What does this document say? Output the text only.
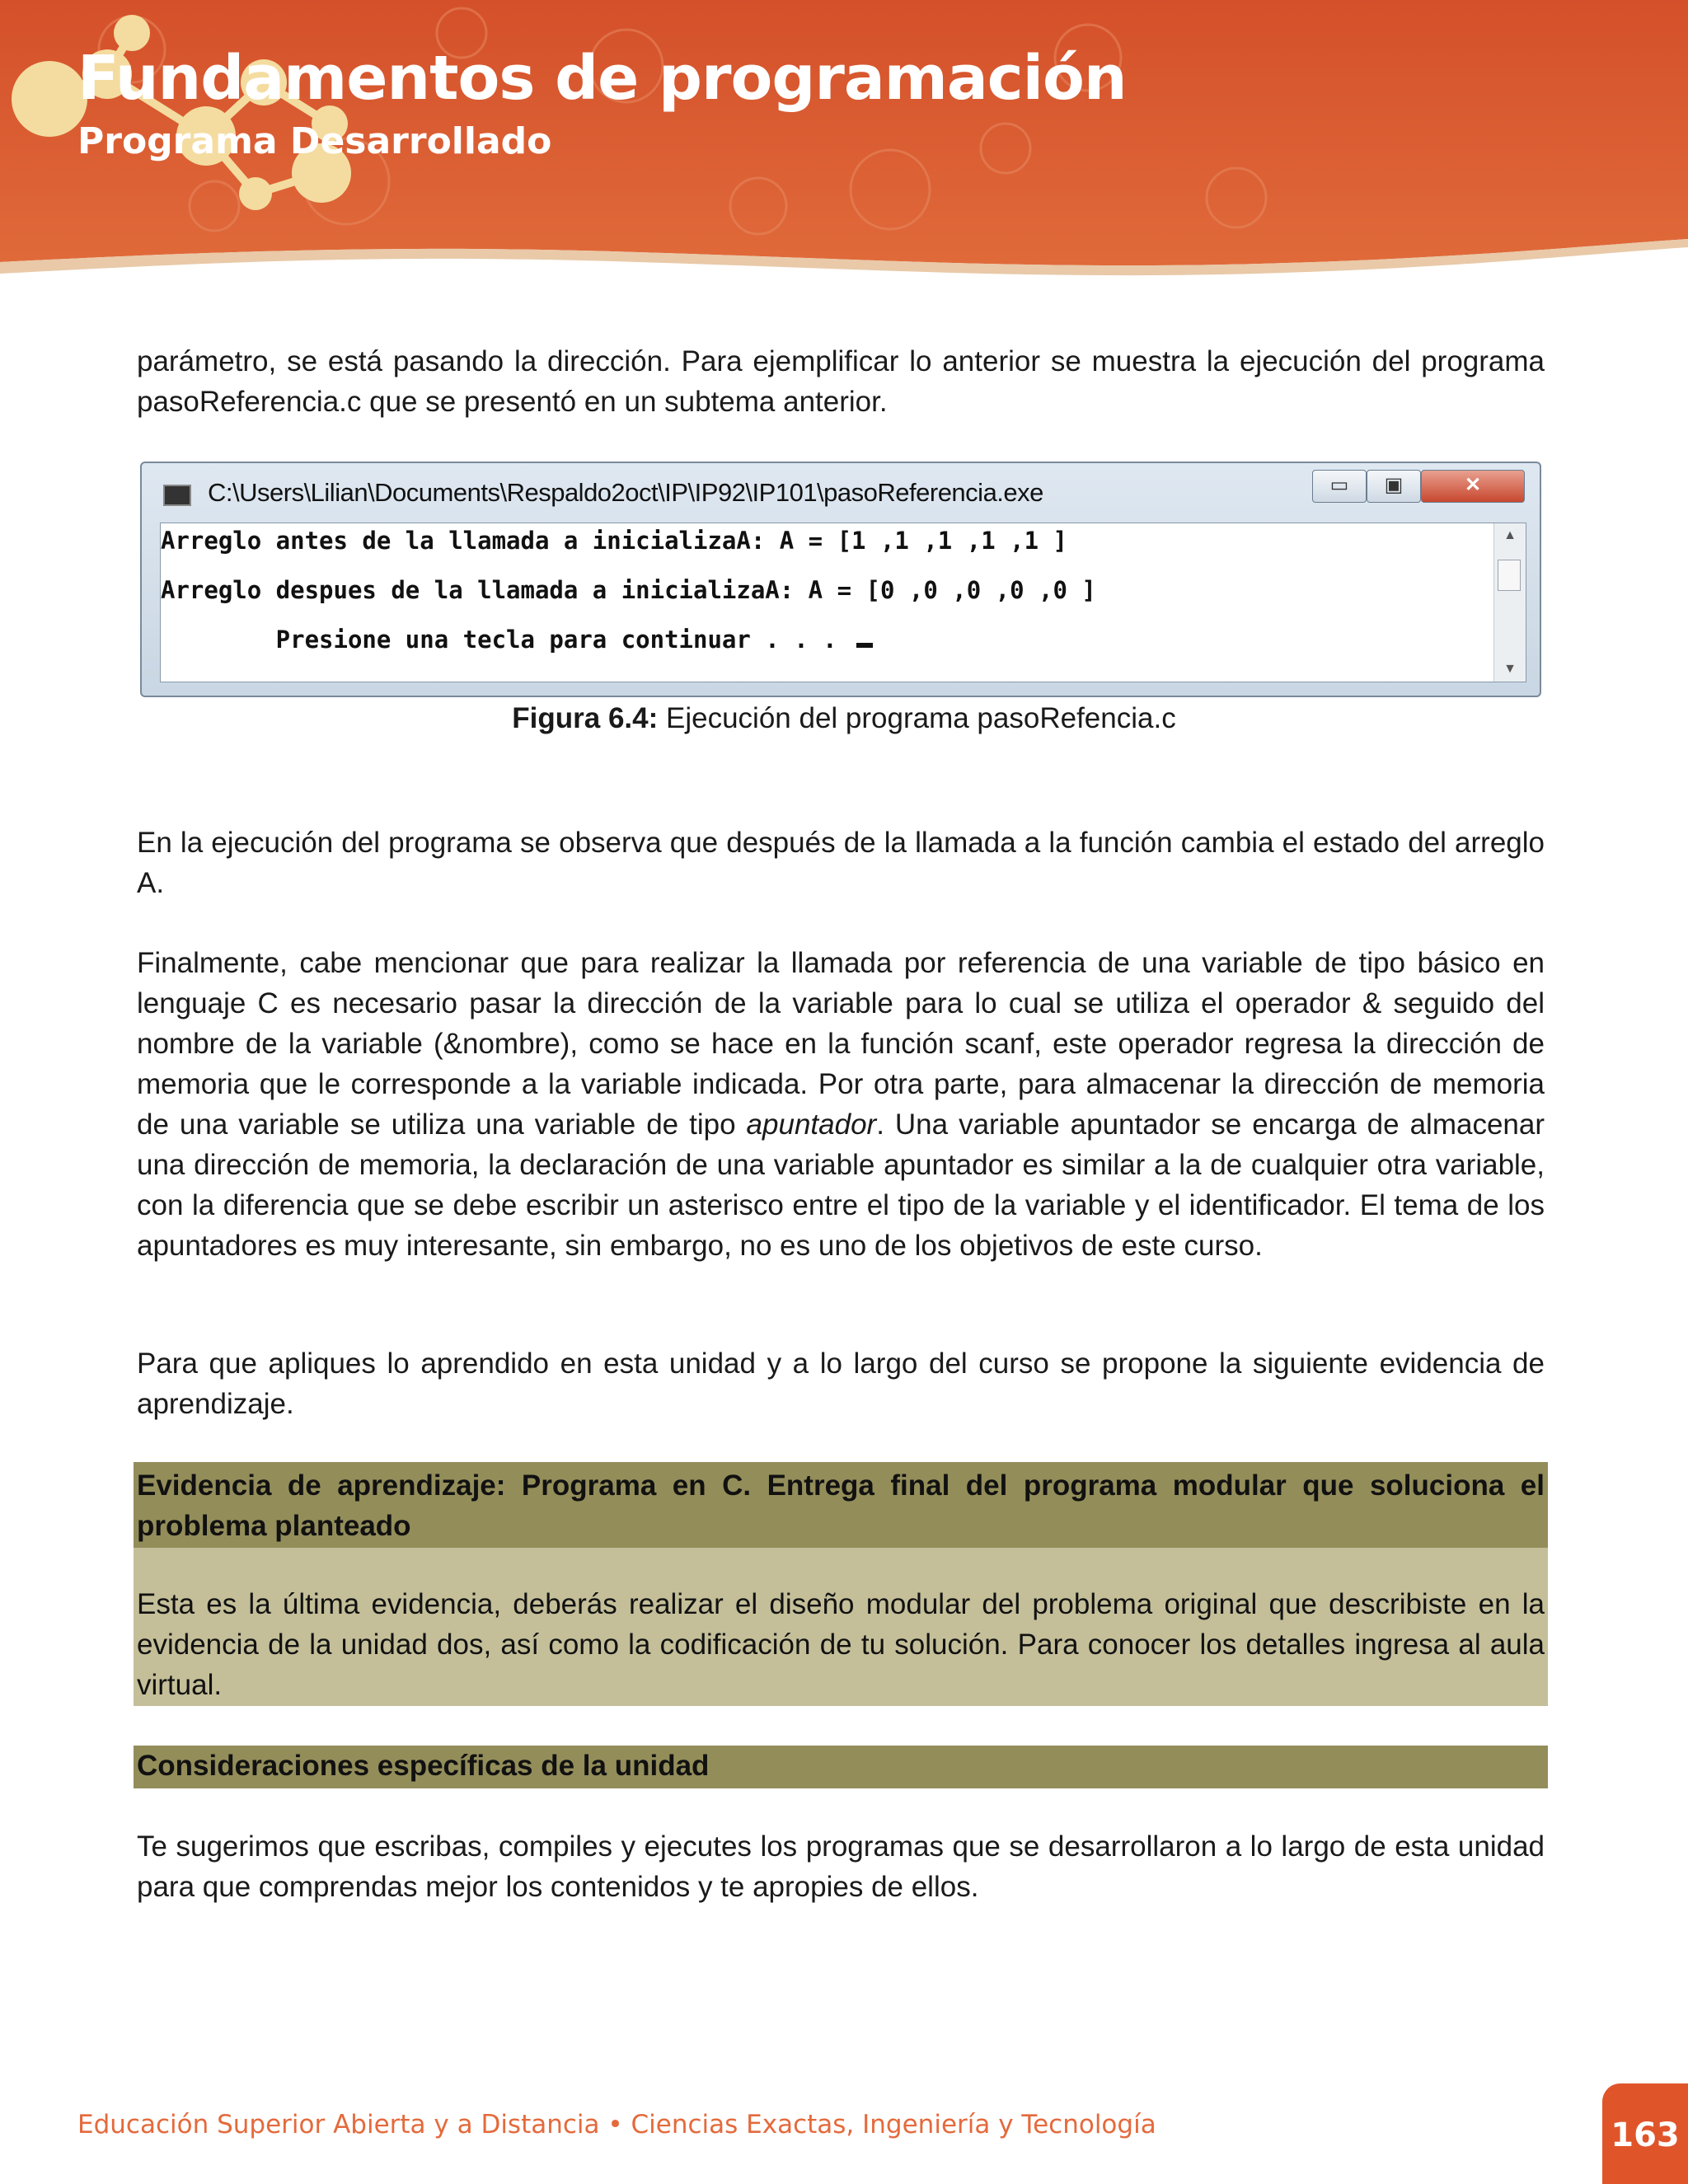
Fundamentos de programación
Programa Desarrollado

parámetro, se está pasando la dirección. Para ejemplificar lo anterior se muestra la ejecución del programa pasoReferencia.c que se presentó en un subtema anterior.

C:\Users\Lilian\Documents\Respaldo2oct\IP\IP92\IP101\pasoReferencia.exe	▭	▣	✕

Arreglo antes de la llamada a inicializaA: A = [1 ,1 ,1 ,1 ,1 ]

Arreglo despues de la llamada a inicializaA: A = [0 ,0 ,0 ,0 ,0 ]

Presione una tecla para continuar . . .

▲
▼

Figura 6.4: Ejecución del programa pasoRefencia.c

En la ejecución del programa se observa que después de la llamada a la función cambia el estado del arreglo A.

Finalmente, cabe mencionar que para realizar la llamada por referencia de una variable de tipo básico en lenguaje C es necesario pasar la dirección de la variable para lo cual se utiliza el operador & seguido del nombre de la variable (&nombre), como se hace en la función scanf, este operador regresa la dirección de memoria que le corresponde a la variable indicada. Por otra parte, para almacenar la dirección de memoria de una variable se utiliza una variable de tipo apuntador. Una variable apuntador se encarga de almacenar una dirección de memoria, la declaración de una variable apuntador es similar a la de cualquier otra variable, con la diferencia que se debe escribir un asterisco entre el tipo de la variable y el identificador. El tema de los apuntadores es muy interesante, sin embargo, no es uno de los objetivos de este curso.

Para que apliques lo aprendido en esta unidad y a lo largo del curso se propone la siguiente evidencia de aprendizaje.

Evidencia de aprendizaje: Programa en C. Entrega final del programa modular que soluciona el problema planteado

Esta es la última evidencia, deberás realizar el diseño modular del problema original que describiste en la evidencia de la unidad dos, así como la codificación de tu solución. Para conocer los detalles ingresa al aula virtual.

Consideraciones específicas de la unidad

Te sugerimos que escribas, compiles y ejecutes los programas que se desarrollaron a lo largo de esta unidad para que comprendas mejor los contenidos y te apropies de ellos.

Educación Superior Abierta y a Distancia • Ciencias Exactas, Ingeniería y Tecnología	163
